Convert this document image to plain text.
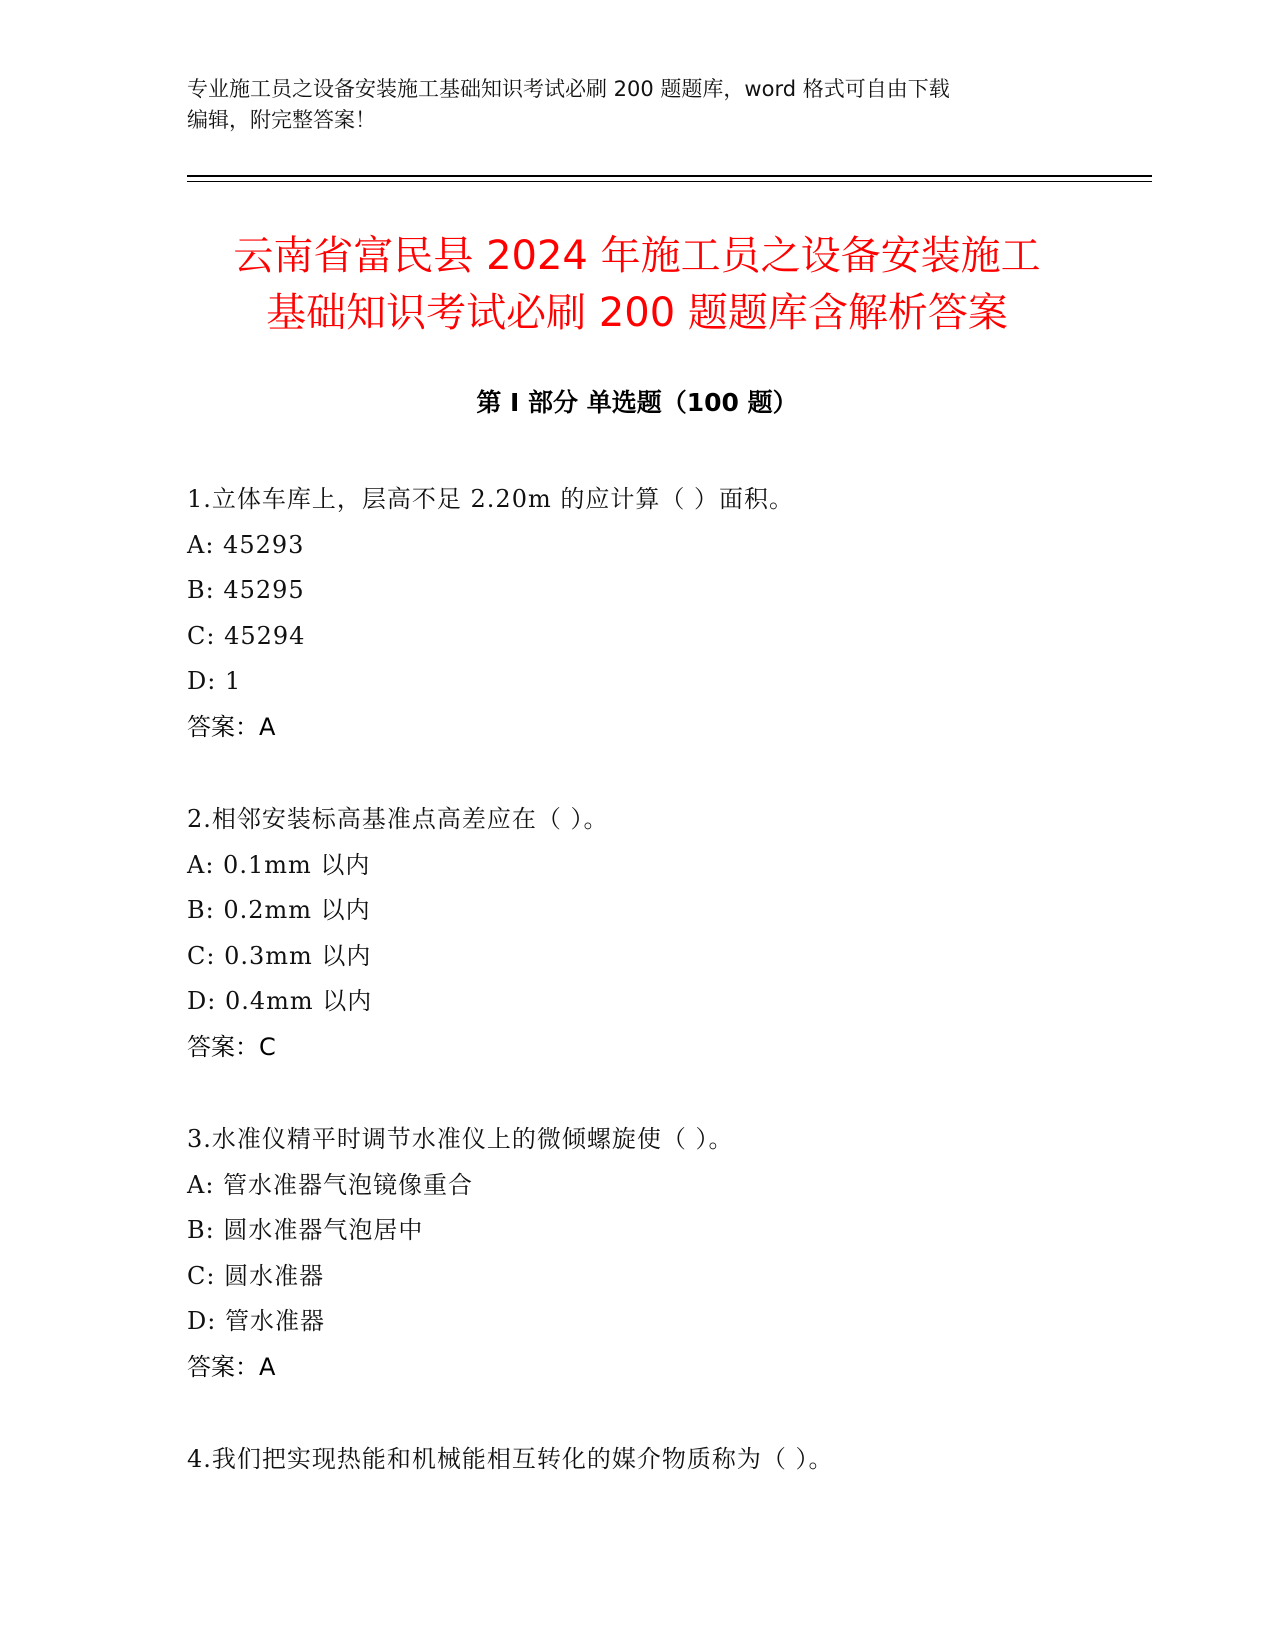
专业施工员之设备安装施工基础知识考试必刷 200 题题库，word 格式可自由下载
编辑，附完整答案！
云南省富民县 2024 年施工员之设备安装施工
基础知识考试必刷 200 题题库含解析答案
第 I 部分 单选题（100 题）
1.立体车库上，层高不足 2.20m 的应计算（ ）面积。
A: 45293
B: 45295
C: 45294
D: 1
答案：A
2.相邻安装标高基准点高差应在（ ）。
A: 0.1mm 以内
B: 0.2mm 以内
C: 0.3mm 以内
D: 0.4mm 以内
答案：C
3.水准仪精平时调节水准仪上的微倾螺旋使（ ）。
A: 管水准器气泡镜像重合
B: 圆水准器气泡居中
C: 圆水准器
D: 管水准器
答案：A
4.我们把实现热能和机械能相互转化的媒介物质称为（ ）。
